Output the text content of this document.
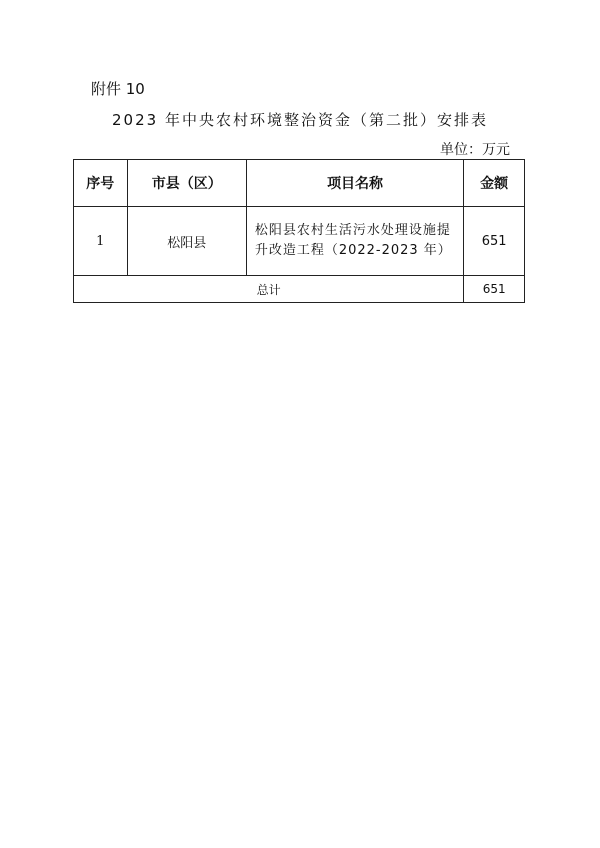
附件 10
2023 年中央农村环境整治资金（第二批）安排表
单位：万元
序号	市县（区）	项目名称	金额
1	松阳县	松阳县农村生活污水处理设施提升改造工程（2022-2023 年）	651
总计			651
